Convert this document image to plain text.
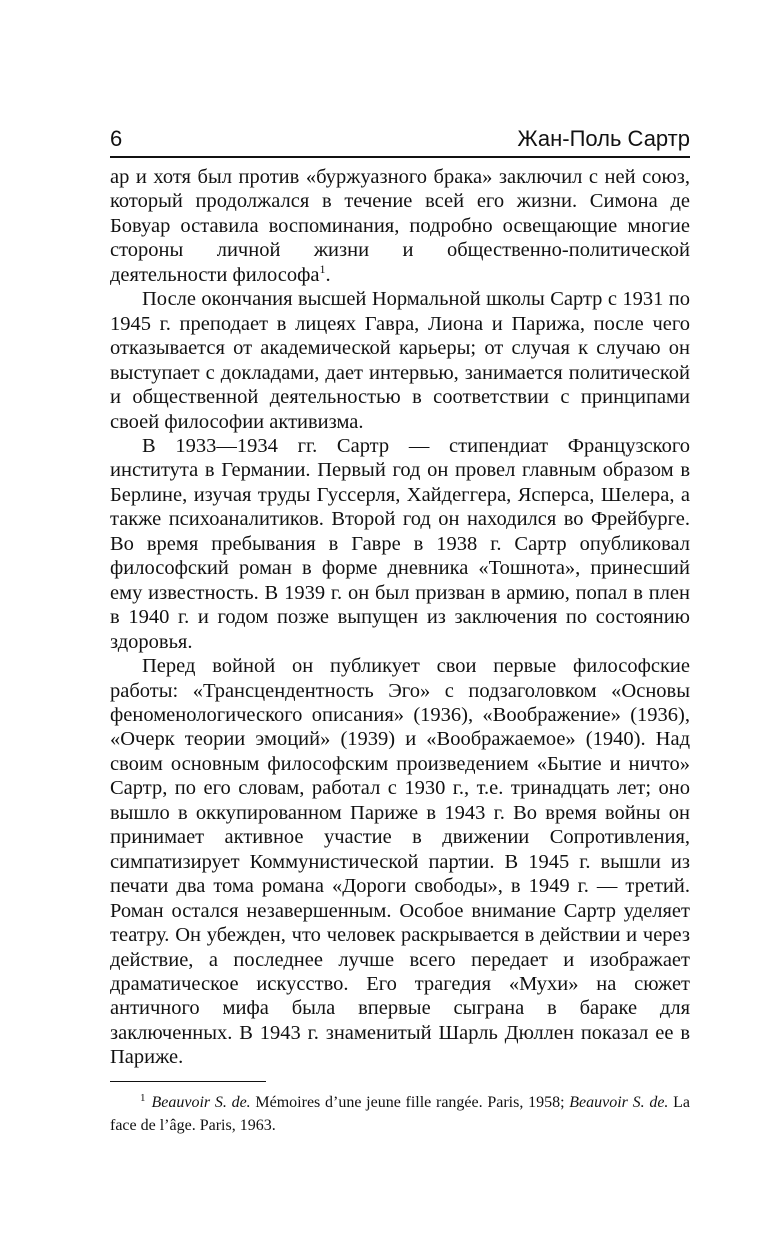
6	Жан-Поль Сартр

ар и хотя был против «буржуазного брака» заключил с ней союз, который продолжался в течение всей его жизни. Симона де Бовуар оставила воспоминания, подробно освещающие многие стороны личной жизни и общественно-политической деятельности философа$^1$.

После окончания высшей Нормальной школы Сартр с 1931 по 1945 г. преподает в лицеях Гавра, Лиона и Парижа, после чего отказывается от академической карьеры; от случая к случаю он выступает с докладами, дает интервью, занимается политической и общественной деятельностью в соответствии с принципами своей философии активизма.

В 1933—1934 гг. Сартр — стипендиат Французского института в Германии. Первый год он провел главным образом в Берлине, изучая труды Гуссерля, Хайдеггера, Ясперса, Шелера, а также психоаналитиков. Второй год он находился во Фрейбурге. Во время пребывания в Гавре в 1938 г. Сартр опубликовал философский роман в форме дневника «Тошнота», принесший ему известность. В 1939 г. он был призван в армию, попал в плен в 1940 г. и годом позже выпущен из заключения по состоянию здоровья.

Перед войной он публикует свои первые философские работы: «Трансцендентность Эго» с подзаголовком «Основы феноменологического описания» (1936), «Воображение» (1936), «Очерк теории эмоций» (1939) и «Воображаемое» (1940). Над своим основным философским произведением «Бытие и ничто» Сартр, по его словам, работал с 1930 г., т.е. тринадцать лет; оно вышло в оккупированном Париже в 1943 г. Во время войны он принимает активное участие в движении Сопротивления, симпатизирует Коммунистической партии. В 1945 г. вышли из печати два тома романа «Дороги свободы», в 1949 г. — третий. Роман остался незавершенным. Особое внимание Сартр уделяет театру. Он убежден, что человек раскрывается в действии и через действие, а последнее лучше всего передает и изображает драматическое искусство. Его трагедия «Мухи» на сюжет античного мифа была впервые сыграна в бараке для заключенных. В 1943 г. знаменитый Шарль Дюллен показал ее в Париже.

$^1$ Beauvoir S. de. Mémoires d’une jeune fille rangée. Paris, 1958; Beauvoir S. de. La face de l’âge. Paris, 1963.
